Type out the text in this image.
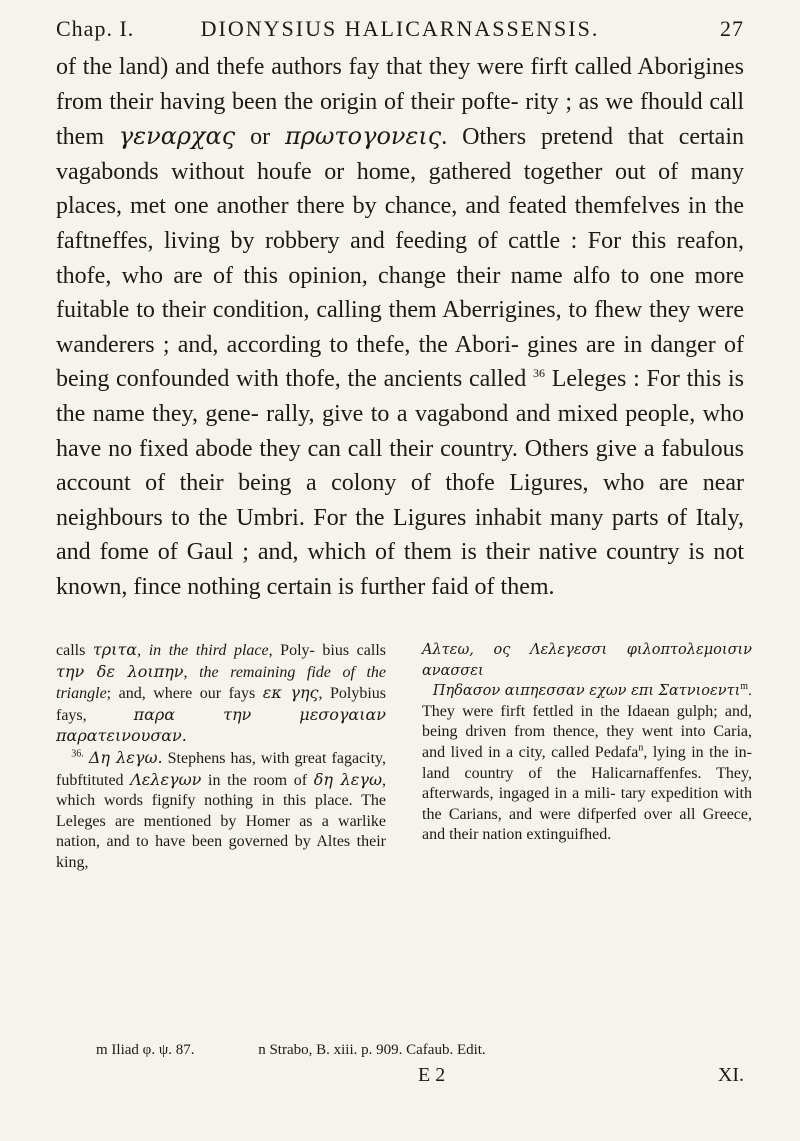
Chap. I.	DIONYSIUS HALICARNASSENSIS.	27

of the land) and thefe authors fay that they were firft called Aborigines from their having been the origin of their pofte- rity ; as we fhould call them γεναρχας or πρωτογονεις. Others pretend that certain vagabonds without houfe or home, gathered together out of many places, met one another there by chance, and feated themfelves in the faftneffes, living by robbery and feeding of cattle : For this reafon, thofe, who are of this opinion, change their name alfo to one more fuitable to their condition, calling them Aberrigines, to fhew they were wanderers ; and, according to thefe, the Abori- gines are in danger of being confounded with thofe, the ancients called $^{36}$ Leleges : For this is the name they, gene- rally, give to a vagabond and mixed people, who have no fixed abode they can call their country. Others give a fabulous account of their being a colony of thofe Ligures, who are near neighbours to the Umbri. For the Ligures inhabit many parts of Italy, and fome of Gaul ; and, which of them is their native country is not known, fince nothing certain is further faid of them.

calls τριτα, in the third place, Poly- bius calls την δε λοιπην, the remaining fide of the triangle; and, where our fays εκ γης, Polybius fays, παρα την μεσογαιαν παρατεινουσαν.

$^{36.}$ Δη λεγω. Stephens has, with great fagacity, fubftituted Λελεγων in the room of δη λεγω, which words fignify nothing in this place. The Leleges are mentioned by Homer as a warlike nation, and to have been governed by Altes their king,

Αλτεω, ος Λελεγεσσι φιλοπτολεμοισιν ανασσει

Πηδασον αιπηεσσαν εχων επι Σατνιοεντι$^m$.

They were firft fettled in the Idaean gulph; and, being driven from thence, they went into Caria, and lived in a city, called Pedafa$^n$, lying in the in- land country of the Halicarnaffenfes. They, afterwards, ingaged in a mili- tary expedition with the Carians, and were difperfed over all Greece, and their nation extinguifhed.

m Iliad φ. ψ. 87.	n Strabo, B. xiii. p. 909. Cafaub. Edit.
E 2	XI.
